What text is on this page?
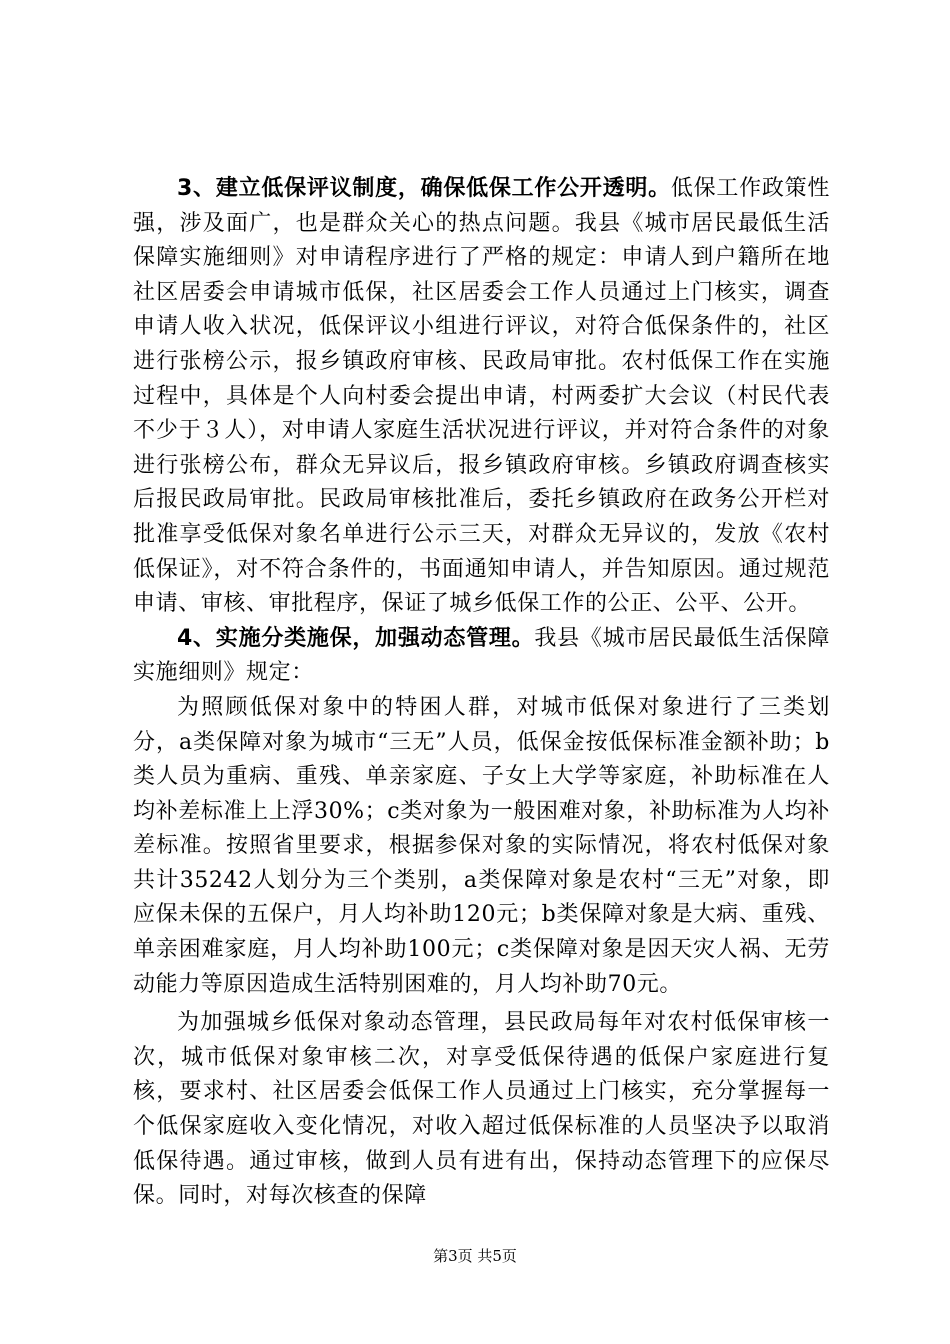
3、建立低保评议制度，确保低保工作公开透明。低保工作政策性强，涉及面广，也是群众关心的热点问题。我县《城市居民最低生活保障实施细则》对申请程序进行了严格的规定：申请人到户籍所在地社区居委会申请城市低保，社区居委会工作人员通过上门核实，调查申请人收入状况，低保评议小组进行评议，对符合低保条件的，社区进行张榜公示，报乡镇政府审核、民政局审批。农村低保工作在实施过程中，具体是个人向村委会提出申请，村两委扩大会议（村民代表不少于３人），对申请人家庭生活状况进行评议，并对符合条件的对象进行张榜公布，群众无异议后，报乡镇政府审核。乡镇政府调查核实后报民政局审批。民政局审核批准后，委托乡镇政府在政务公开栏对批准享受低保对象名单进行公示三天，对群众无异议的，发放《农村低保证》，对不符合条件的，书面通知申请人，并告知原因。通过规范申请、审核、审批程序，保证了城乡低保工作的公正、公平、公开。

4、实施分类施保，加强动态管理。我县《城市居民最低生活保障实施细则》规定：

为照顾低保对象中的特困人群，对城市低保对象进行了三类划分，a类保障对象为城市“三无”人员，低保金按低保标准金额补助；b类人员为重病、重残、单亲家庭、子女上大学等家庭，补助标准在人均补差标准上上浮30%；c类对象为一般困难对象，补助标准为人均补差标准。按照省里要求，根据参保对象的实际情况，将农村低保对象共计35242人划分为三个类别，a类保障对象是农村“三无”对象，即应保未保的五保户，月人均补助120元；b类保障对象是大病、重残、单亲困难家庭，月人均补助100元；c类保障对象是因天灾人祸、无劳动能力等原因造成生活特别困难的，月人均补助70元。

为加强城乡低保对象动态管理，县民政局每年对农村低保审核一次，城市低保对象审核二次，对享受低保待遇的低保户家庭进行复核，要求村、社区居委会低保工作人员通过上门核实，充分掌握每一个低保家庭收入变化情况，对收入超过低保标准的人员坚决予以取消低保待遇。通过审核，做到人员有进有出，保持动态管理下的应保尽保。同时，对每次核查的保障

第3页 共5页
